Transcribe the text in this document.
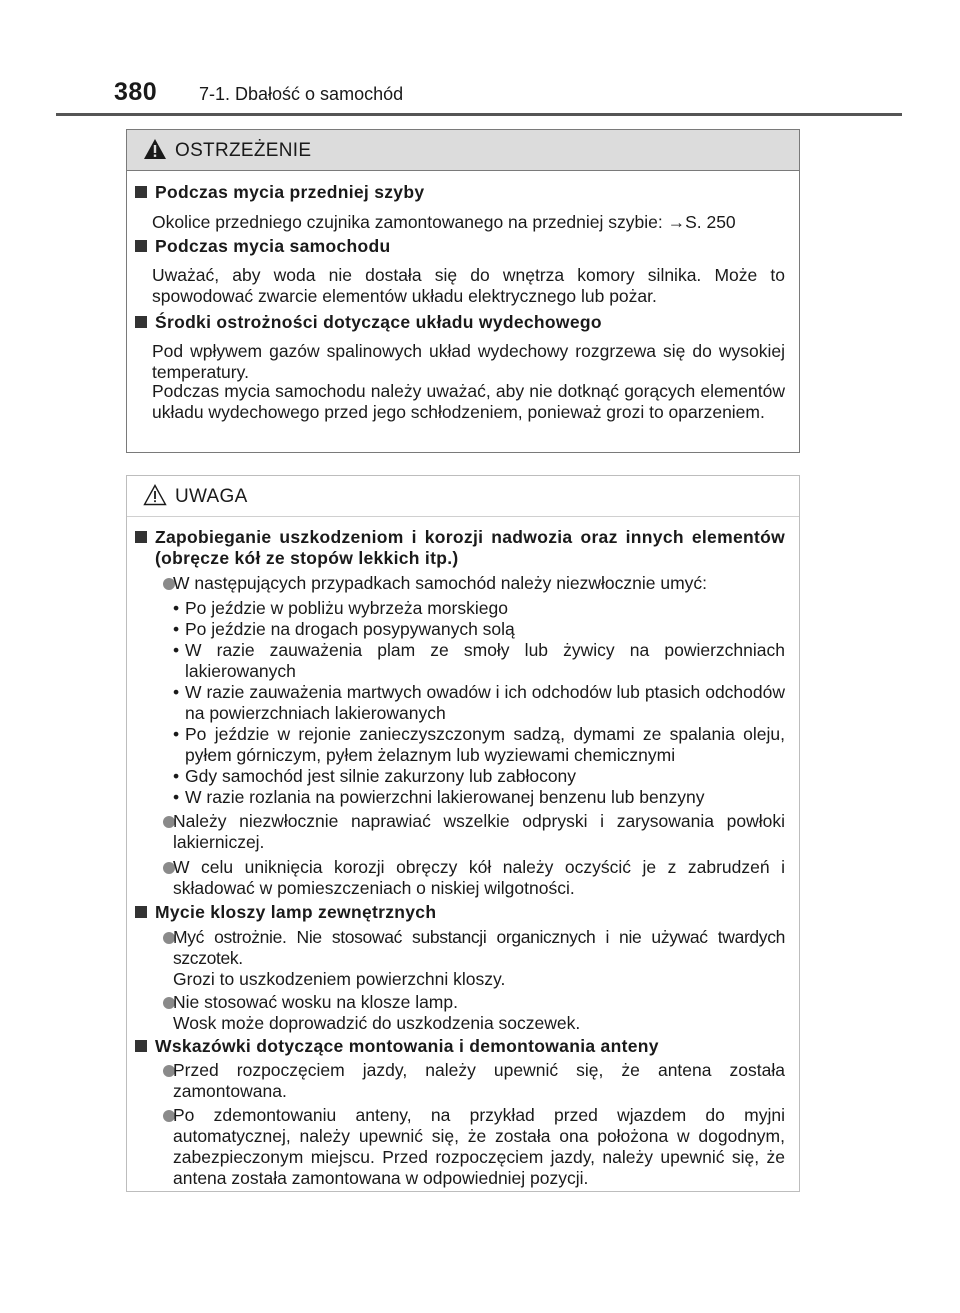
380 7-1. Dbałość o samochód
OSTRZEŻENIE
Podczas mycia przedniej szyby
Okolice przedniego czujnika zamontowanego na przedniej szybie: →S. 250
Podczas mycia samochodu
Uważać, aby woda nie dostała się do wnętrza komory silnika. Może to spowodować zwarcie elementów układu elektrycznego lub pożar.
Środki ostrożności dotyczące układu wydechowego
Pod wpływem gazów spalinowych układ wydechowy rozgrzewa się do wysokiej temperatury.
Podczas mycia samochodu należy uważać, aby nie dotknąć gorących elementów układu wydechowego przed jego schłodzeniem, ponieważ grozi to oparzeniem.
UWAGA
Zapobieganie uszkodzeniom i korozji nadwozia oraz innych elementów (obręcze kół ze stopów lekkich itp.)
W następujących przypadkach samochód należy niezwłocznie umyć:
• Po jeździe w pobliżu wybrzeża morskiego
• Po jeździe na drogach posypywanych solą
• W razie zauważenia plam ze smoły lub żywicy na powierzchniach lakierowanych
• W razie zauważenia martwych owadów i ich odchodów lub ptasich odchodów na powierzchniach lakierowanych
• Po jeździe w rejonie zanieczyszczonym sadzą, dymami ze spalania oleju, pyłem górniczym, pyłem żelaznym lub wyziewami chemicznymi
• Gdy samochód jest silnie zakurzony lub zabłocony
• W razie rozlania na powierzchni lakierowanej benzenu lub benzyny
Należy niezwłocznie naprawiać wszelkie odpryski i zarysowania powłoki lakierniczej.
W celu uniknięcia korozji obręczy kół należy oczyścić je z zabrudzeń i składować w pomieszczeniach o niskiej wilgotności.
Mycie kloszy lamp zewnętrznych
Myć ostrożnie. Nie stosować substancji organicznych i nie używać twardych szczotek.
Grozi to uszkodzeniem powierzchni kloszy.
Nie stosować wosku na klosze lamp.
Wosk może doprowadzić do uszkodzenia soczewek.
Wskazówki dotyczące montowania i demontowania anteny
Przed rozpoczęciem jazdy, należy upewnić się, że antena została zamontowana.
Po zdemontowaniu anteny, na przykład przed wjazdem do myjni automatycznej, należy upewnić się, że została ona położona w dogodnym, zabezpieczonym miejscu. Przed rozpoczęciem jazdy, należy upewnić się, że antena została zamontowana w odpowiedniej pozycji.
